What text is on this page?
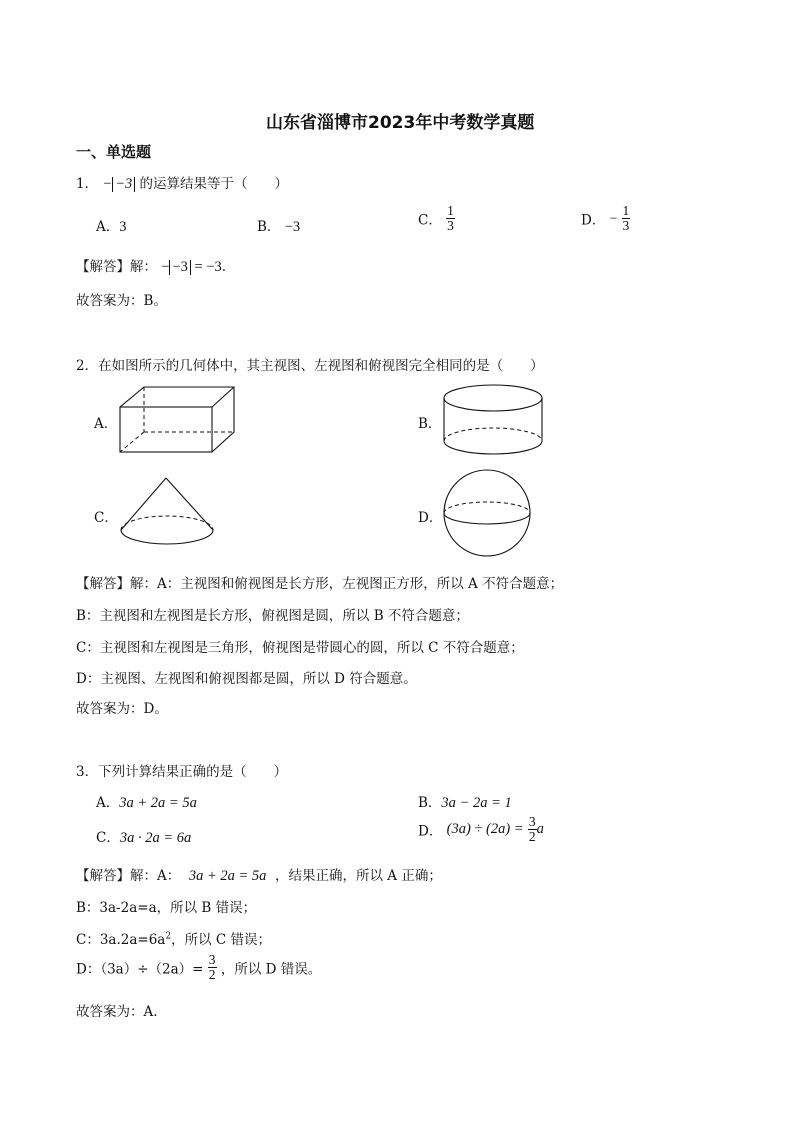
山东省淄博市2023年中考数学真题
一、单选题
1． − −3 的运算结果等于（　　）
A．3	B． −3	C． $\frac{1}{3}$	D． − $\frac{1}{3}$
【解答】解： − −3 = −3.
故答案为：B。
2．在如图所示的几何体中，其主视图、左视图和俯视图完全相同的是（　　）
A．	B．
C．	D．
【解答】解：A：主视图和俯视图是长方形，左视图正方形，所以 A 不符合题意；
B：主视图和左视图是长方形，俯视图是圆，所以 B 不符合题意；
C：主视图和左视图是三角形，俯视图是带圆心的圆，所以 C 不符合题意；
D：主视图、左视图和俯视图都是圆，所以 D 符合题意。
故答案为：D。
3．下列计算结果正确的是（　　）
A．3a + 2a = 5a	B．3a − 2a = 1
C．3a · 2a = 6a	D． $(3a) \div (2a) = \frac{3}{2}$ a
【解答】解：A： 3a + 2a = 5a ，结果正确，所以 A 正确；
B：3a-2a=a，所以 B 错误；
C：$3a.2a=6a^2$，所以 C 错误；
D：$(3a)\div(2a)= \frac{3}{2}$ ，所以 D 错误。
故答案为：A.
